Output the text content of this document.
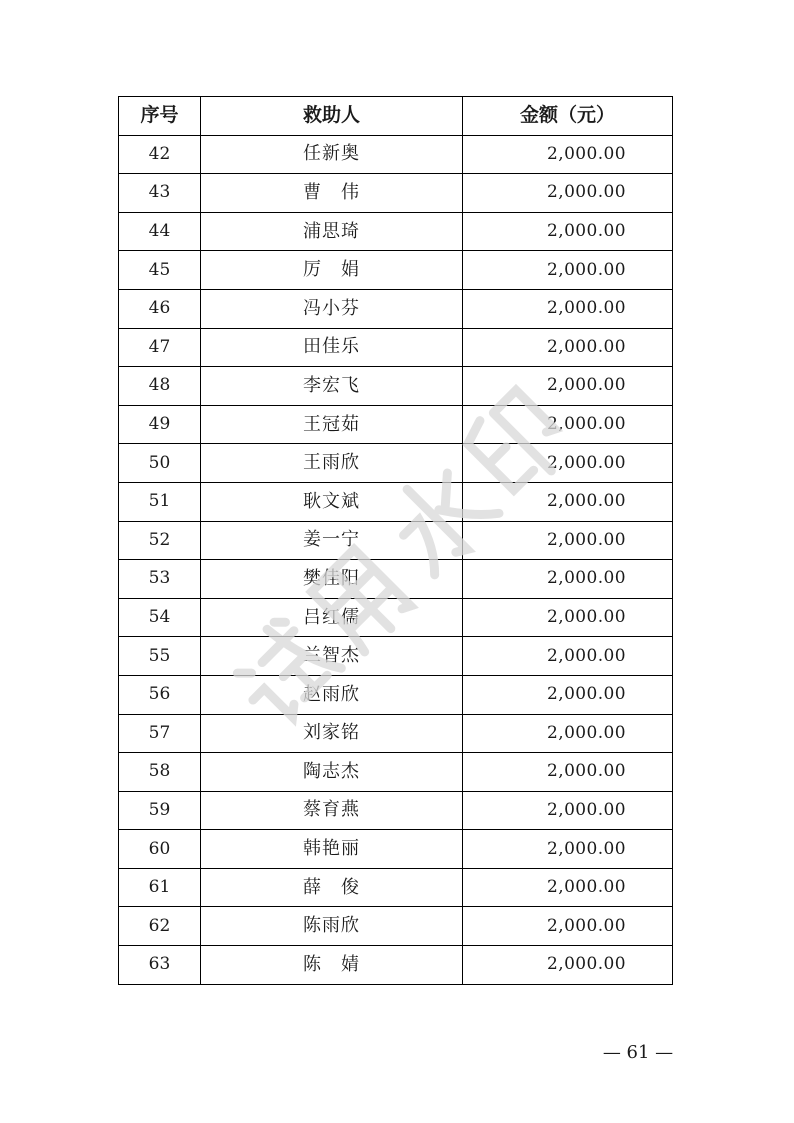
序号	救助人	金额（元）
42	任新奥	2,000.00
43	曹　伟	2,000.00
44	浦思琦	2,000.00
45	厉　娟	2,000.00
46	冯小芬	2,000.00
47	田佳乐	2,000.00
48	李宏飞	2,000.00
49	王冠茹	2,000.00
50	王雨欣	2,000.00
51	耿文斌	2,000.00
52	姜一宁	2,000.00
53	樊佳阳	2,000.00
54	吕红儒	2,000.00
55	兰智杰	2,000.00
56	赵雨欣	2,000.00
57	刘家铭	2,000.00
58	陶志杰	2,000.00
59	蔡育燕	2,000.00
60	韩艳丽	2,000.00
61	薛　俊	2,000.00
62	陈雨欣	2,000.00
63	陈　婧	2,000.00
— 61 —
